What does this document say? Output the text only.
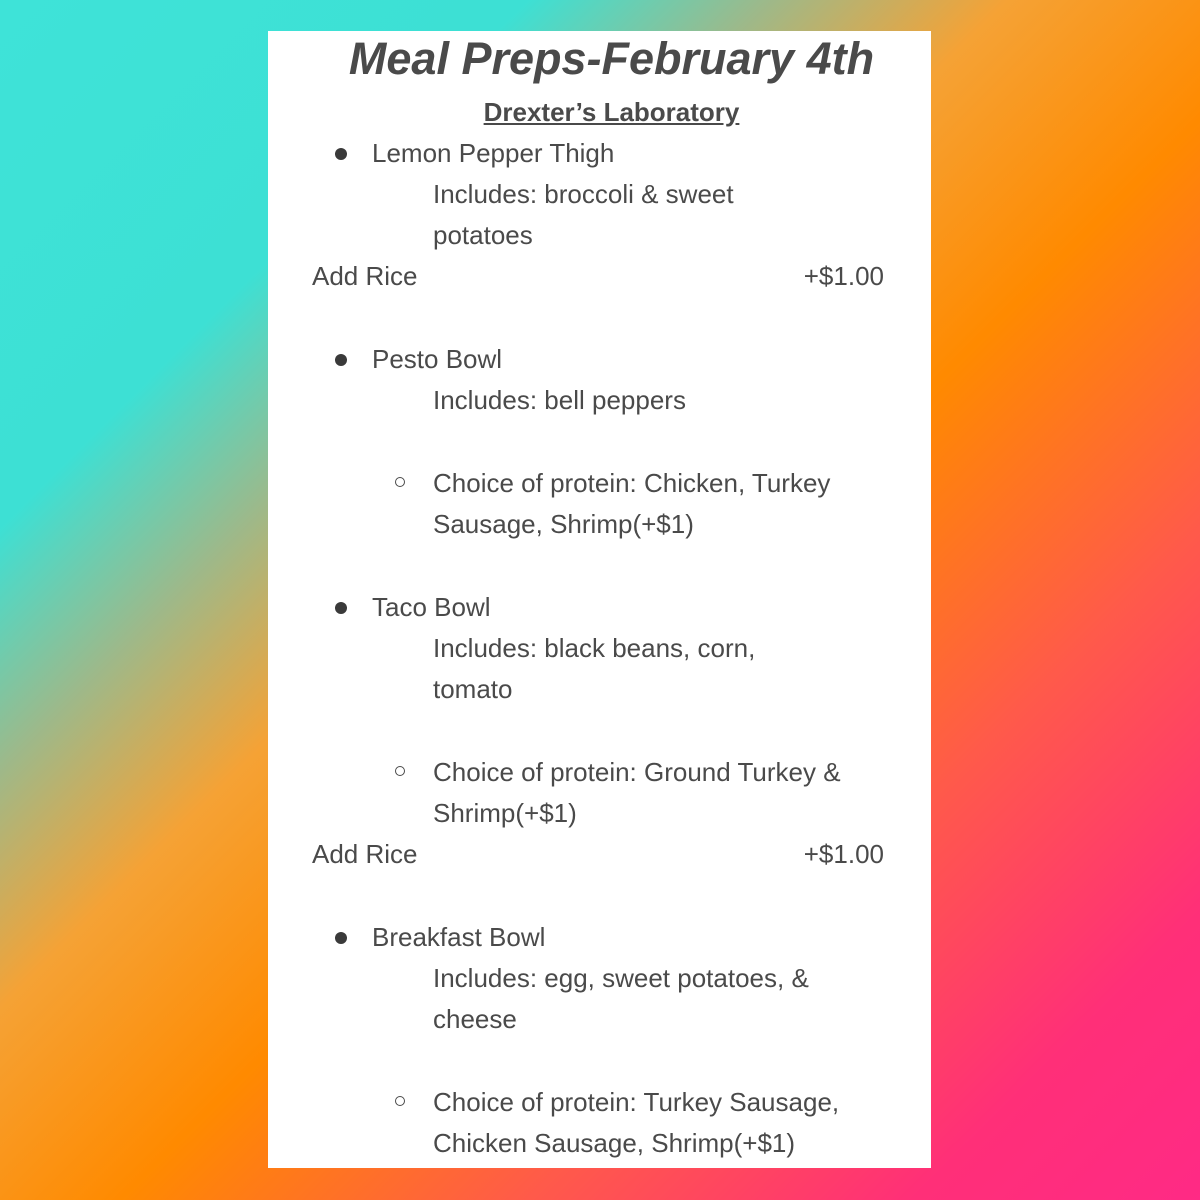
Meal Preps-February 4th
Drexter’s Laboratory
Lemon Pepper Thigh
Includes: broccoli & sweet
potatoes
Add Rice	+$1.00
Pesto Bowl
Includes: bell peppers
Choice of protein: Chicken, Turkey
Sausage, Shrimp(+$1)
Taco Bowl
Includes: black beans, corn,
tomato
Choice of protein: Ground Turkey &
Shrimp(+$1)
Add Rice	+$1.00
Breakfast Bowl
Includes: egg, sweet potatoes, &
cheese
Choice of protein: Turkey Sausage,
Chicken Sausage, Shrimp(+$1)
